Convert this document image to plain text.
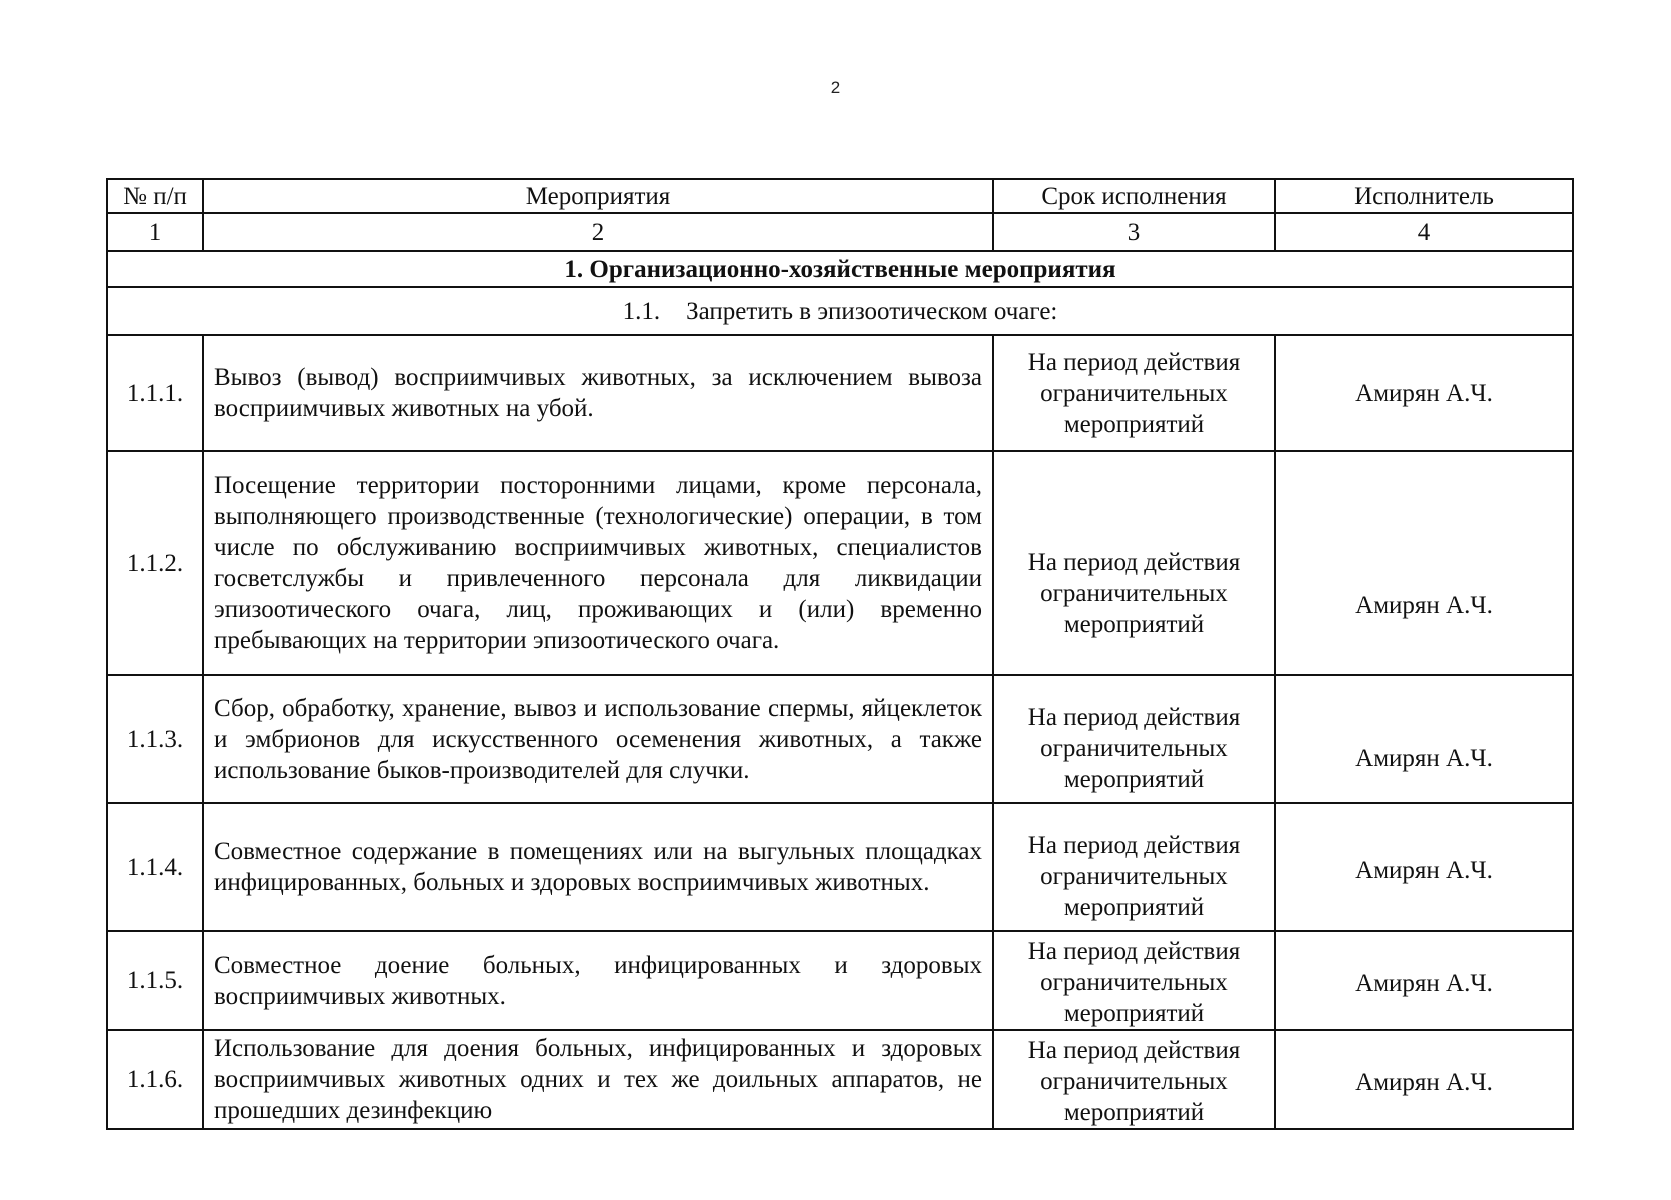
2
№ п/п	Мероприятия	Срок исполнения	Исполнитель
1	2	3	4
1. Организационно-хозяйственные мероприятия			
1.1. Запретить в эпизоотическом очаге:			
1.1.1.	Вывоз (вывод) восприимчивых животных, за исключением вывоза восприимчивых животных на убой.	На период действия ограничительных мероприятий	Амирян А.Ч.
1.1.2.	Посещение территории посторонними лицами, кроме персонала, выполняющего производственные (технологические) операции, в том числе по обслуживанию восприимчивых животных, специалистов госветслужбы и привлеченного персонала для ликвидации эпизоотического очага, лиц, проживающих и (или) временно пребывающих на территории эпизоотического очага.	На период действия ограничительных мероприятий	Амирян А.Ч.
1.1.3.	Сбор, обработку, хранение, вывоз и использование спермы, яйцеклеток и эмбрионов для искусственного осеменения животных, а также использование быков-производителей для случки.	На период действия ограничительных мероприятий	Амирян А.Ч.
1.1.4.	Совместное содержание в помещениях или на выгульных площадках инфицированных, больных и здоровых восприимчивых животных.	На период действия ограничительных мероприятий	Амирян А.Ч.
1.1.5.	Совместное доение больных, инфицированных и здоровых восприимчивых животных.	На период действия ограничительных мероприятий	Амирян А.Ч.
1.1.6.	Использование для доения больных, инфицированных и здоровых восприимчивых животных одних и тех же доильных аппаратов, не прошедших дезинфекцию	На период действия ограничительных мероприятий	Амирян А.Ч.
